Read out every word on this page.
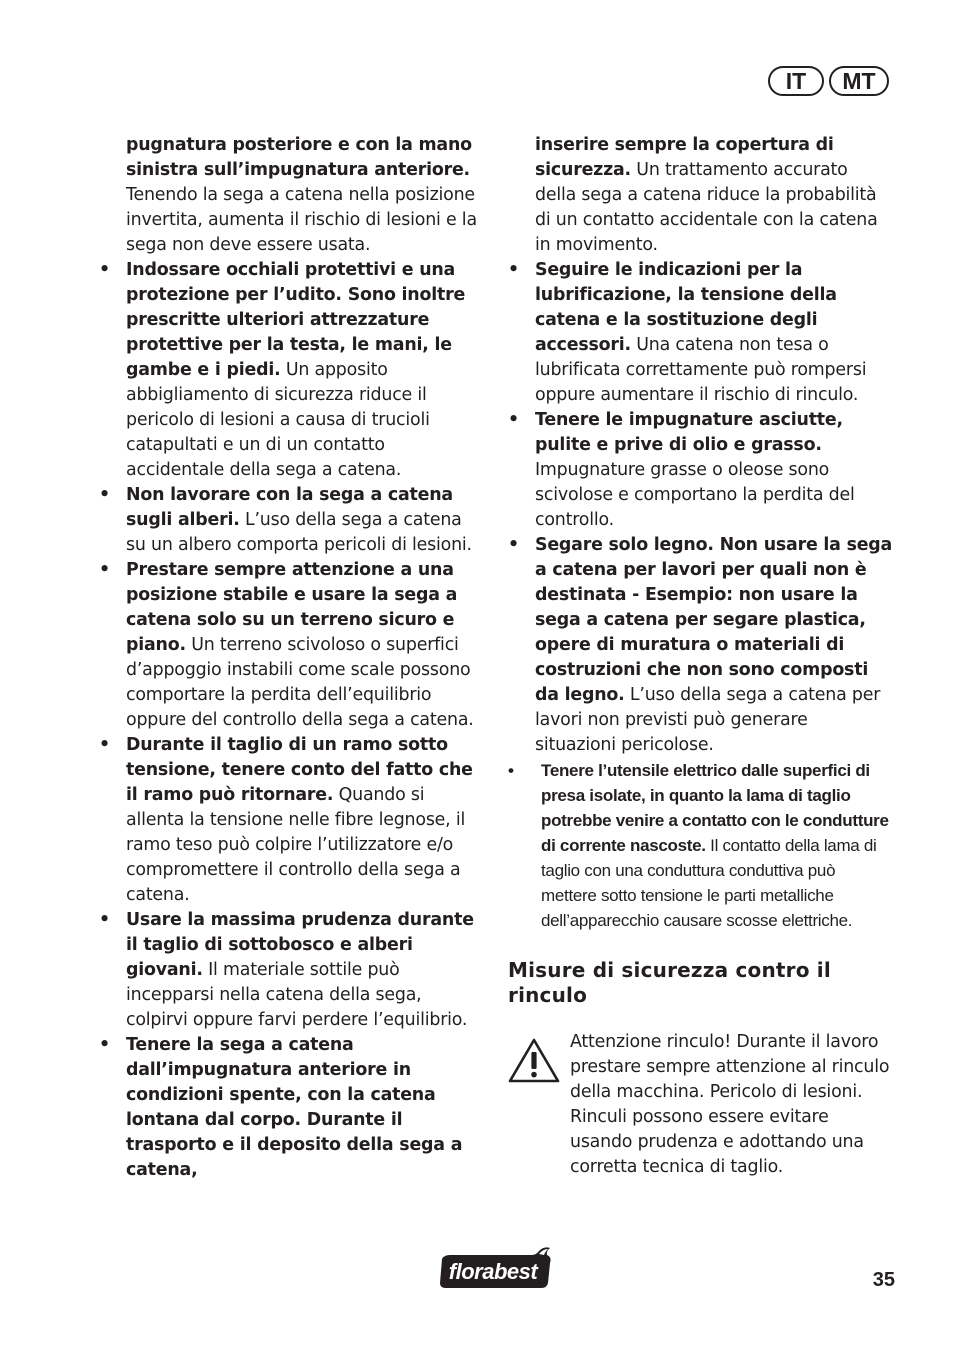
IT	MT
pugnatura posteriore e con la mano sinistra sull’impugnatura anteriore. Tenendo la sega a catena nella posizione invertita, aumenta il rischio di lesioni e la sega non deve essere usata.
• Indossare occhiali protettivi e una protezione per l’udito. Sono inoltre prescritte ulteriori attrezzature protettive per la testa, le mani, le gambe e i piedi. Un apposito abbigliamento di sicurezza riduce il pericolo di lesioni a causa di trucioli catapultati e un di un contatto accidentale della sega a catena.
• Non lavorare con la sega a catena sugli alberi. L’uso della sega a catena su un albero comporta pericoli di lesioni.
• Prestare sempre attenzione a una posizione stabile e usare la sega a catena solo su un terreno sicuro e piano. Un terreno scivoloso o superfici d’appoggio instabili come scale possono comportare la perdita dell’equilibrio oppure del controllo della sega a catena.
• Durante il taglio di un ramo sotto tensione, tenere conto del fatto che il ramo può ritornare. Quando si allenta la tensione nelle fibre legnose, il ramo teso può colpire l’utilizzatore e/o compromettere il controllo della sega a catena.
• Usare la massima prudenza durante il taglio di sottobosco e alberi giovani. Il materiale sottile può incepparsi nella catena della sega, colpirvi oppure farvi perdere l’equilibrio.
• Tenere la sega a catena dall’impugnatura anteriore in condizioni spente, con la catena lontana dal corpo. Durante il trasporto e il deposito della sega a catena,
inserire sempre la copertura di sicurezza. Un trattamento accurato della sega a catena riduce la probabilità di un contatto accidentale con la catena in movimento.
• Seguire le indicazioni per la lubrificazione, la tensione della catena e la sostituzione degli accessori. Una catena non tesa o lubrificata correttamente può rompersi oppure aumentare il rischio di rinculo.
• Tenere le impugnature asciutte, pulite e prive di olio e grasso. Impugnature grasse o oleose sono scivolose e comportano la perdita del controllo.
• Segare solo legno. Non usare la sega a catena per lavori per quali non è destinata - Esempio: non usare la sega a catena per segare plastica, opere di muratura o materiali di costruzioni che non sono composti da legno. L’uso della sega a catena per lavori non previsti può generare situazioni pericolose.
•	Tenere l’utensile elettrico dalle superfici di presa isolate, in quanto la lama di taglio potrebbe venire a contatto con le condutture di corrente nascoste. Il contatto della lama di taglio con una conduttura conduttiva può mettere sotto tensione le parti metalliche dell’apparecchio causare scosse elettriche.
Misure di sicurezza contro il rinculo
Attenzione rinculo! Durante il lavoro prestare sempre attenzione al rinculo della macchina. Pericolo di lesioni. Rinculi possono essere evitare usando prudenza e adottando una corretta tecnica di taglio.
florabest	35
